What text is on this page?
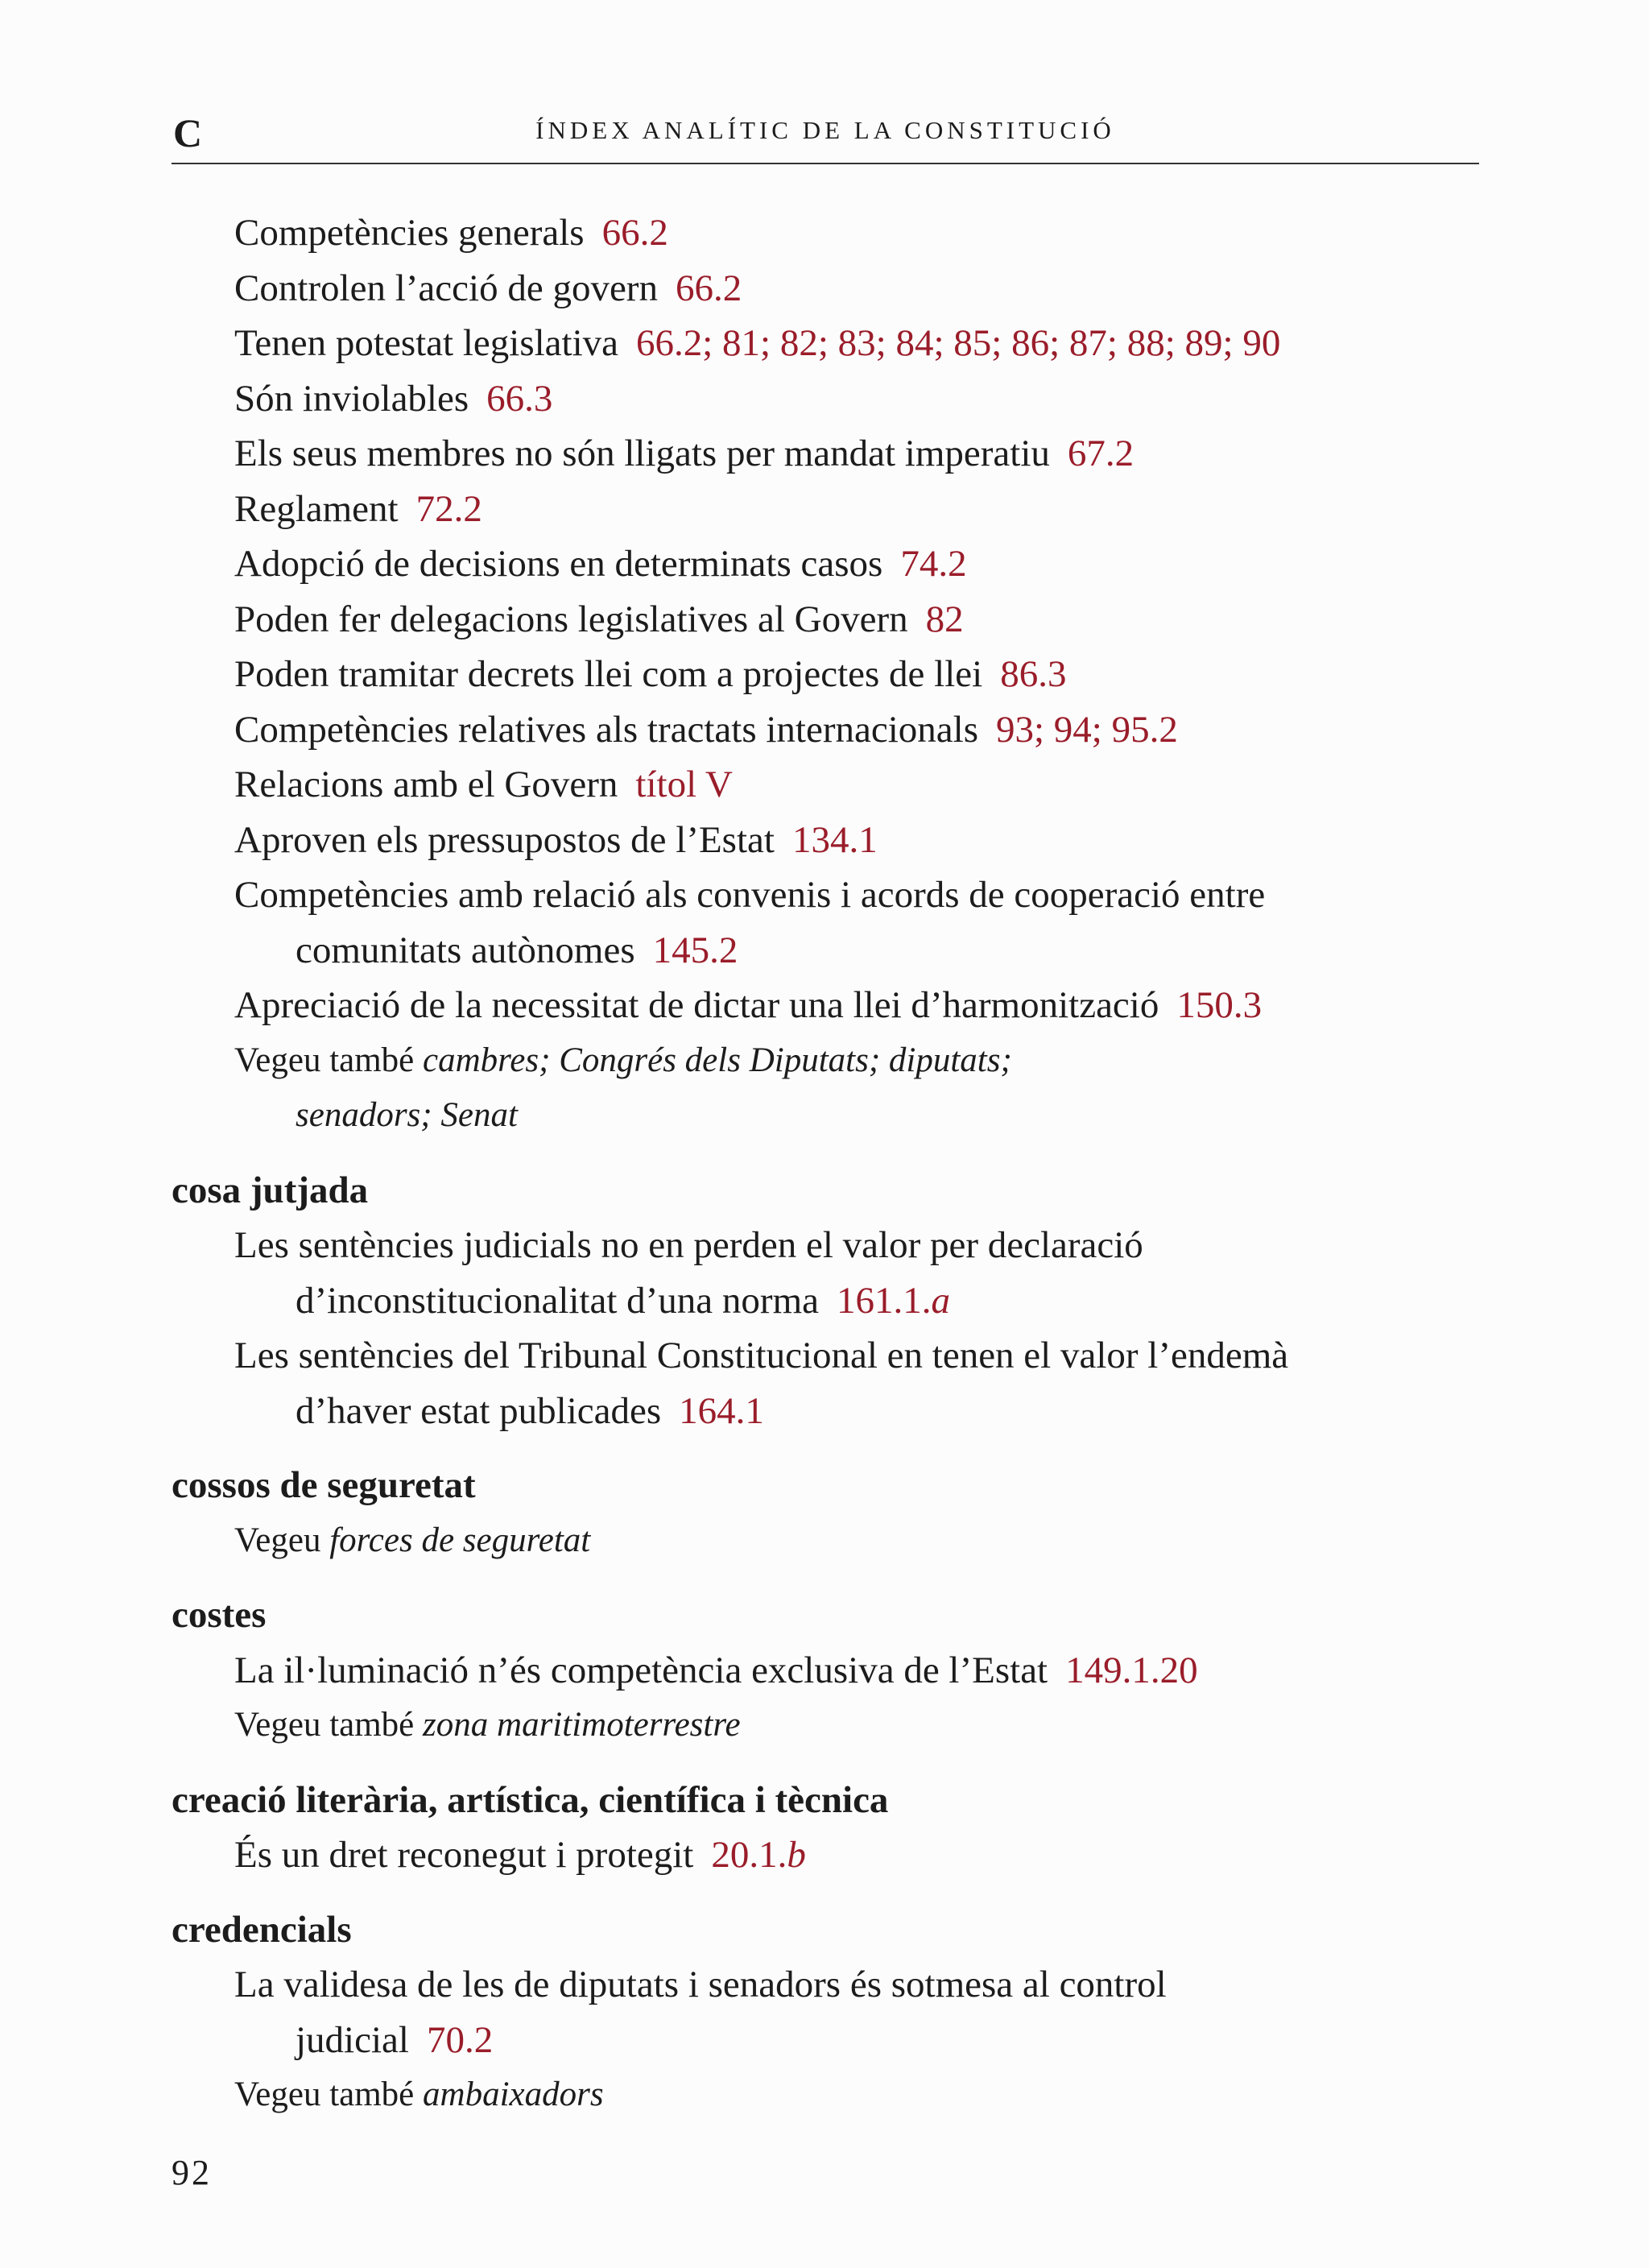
C	ÍNDEX ANALÍTIC DE LA CONSTITUCIÓ
Competències generals 66.2
Controlen l’acció de govern 66.2
Tenen potestat legislativa 66.2; 81; 82; 83; 84; 85; 86; 87; 88; 89; 90
Són inviolables 66.3
Els seus membres no són lligats per mandat imperatiu 67.2
Reglament 72.2
Adopció de decisions en determinats casos 74.2
Poden fer delegacions legislatives al Govern 82
Poden tramitar decrets llei com a projectes de llei 86.3
Competències relatives als tractats internacionals 93; 94; 95.2
Relacions amb el Govern títol V
Aproven els pressupostos de l’Estat 134.1
Competències amb relació als convenis i acords de cooperació entre
comunitats autònomes 145.2
Apreciació de la necessitat de dictar una llei d’harmonització 150.3
Vegeu també cambres; Congrés dels Diputats; diputats;
senadors; Senat
cosa jutjada
Les sentències judicials no en perden el valor per declaració
d’inconstitucionalitat d’una norma 161.1.a
Les sentències del Tribunal Constitucional en tenen el valor l’endemà
d’haver estat publicades 164.1
cossos de seguretat
Vegeu forces de seguretat
costes
La il·luminació n’és competència exclusiva de l’Estat 149.1.20
Vegeu també zona maritimoterrestre
creació literària, artística, científica i tècnica
És un dret reconegut i protegit 20.1.b
credencials
La validesa de les de diputats i senadors és sotmesa al control
judicial 70.2
Vegeu també ambaixadors
92
